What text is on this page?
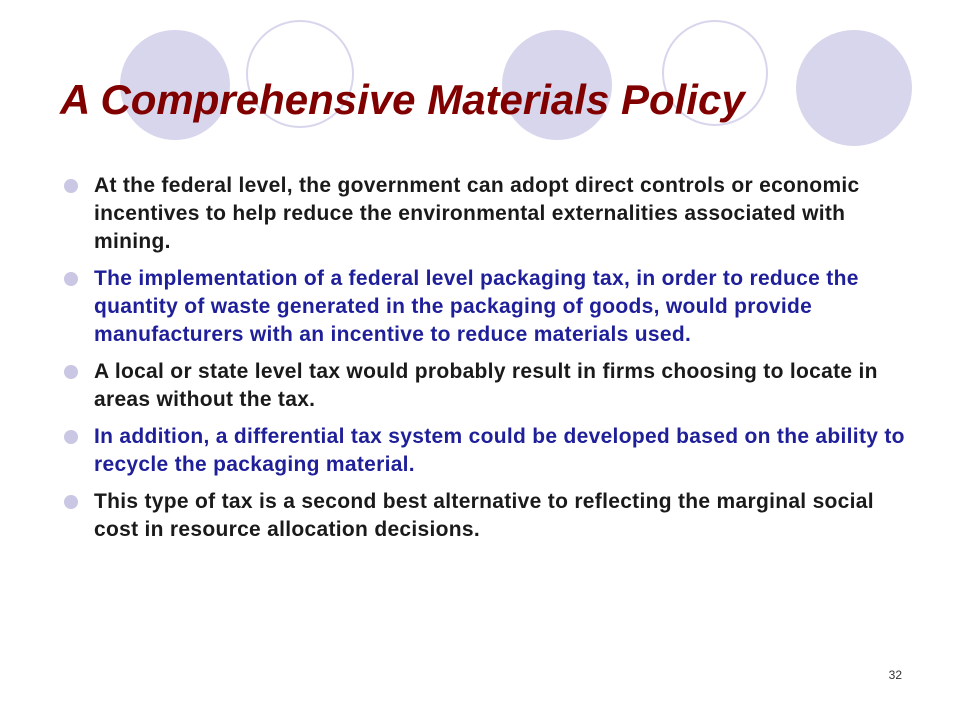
A Comprehensive Materials Policy
At the federal level, the government can adopt direct controls or economic incentives to help reduce the environmental externalities associated with mining.
The implementation of a federal level packaging tax, in order to reduce the quantity of waste generated in the packaging of goods, would provide manufacturers with an incentive to reduce materials used.
A local or state level tax would probably result in firms choosing to locate in areas without the tax.
In addition, a differential tax system could be developed based on the ability to recycle the packaging material.
This type of tax is a second best alternative to reflecting the marginal social cost in resource allocation decisions.
32
